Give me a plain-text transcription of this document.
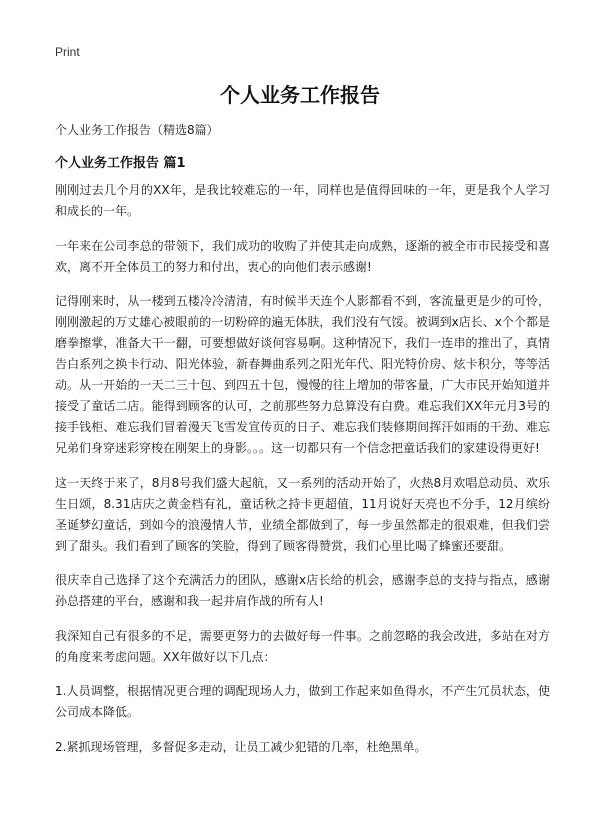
Print
个人业务工作报告
个人业务工作报告（精选8篇）
个人业务工作报告 篇1

刚刚过去几个月的XX年，是我比较难忘的一年，同样也是值得回味的一年，更是我个人学习和成长的一年。

一年来在公司李总的带领下，我们成功的收购了并使其走向成熟，逐渐的被全市市民接受和喜欢，离不开全体员工的努力和付出，衷心的向他们表示感谢!

记得刚来时，从一楼到五楼冷冷清清，有时候半天连个人影都看不到，客流量更是少的可怜，刚刚激起的万丈雄心被眼前的一切粉碎的遍无体肤，我们没有气馁。被调到x店长、x个个都是磨拳擦掌，准备大干一翻，可要想做好谈何容易啊。这种情况下，我们一连串的推出了，真情告白系列之换卡行动、阳光体验，新春舞曲系列之阳光年代、阳光特价房、炫卡积分，等等活动。从一开始的一天二三十包、到四五十包，慢慢的往上增加的带客量，广大市民开始知道并接受了童话二店。能得到顾客的认可，之前那些努力总算没有白费。难忘我们XX年元月3号的接手钱柜、难忘我们冒着漫天飞雪发宣传页的日子、难忘我们装修期间挥汗如雨的干劲、难忘兄弟们身穿迷彩穿梭在刚架上的身影。。。这一切都只有一个信念把童话我们的家建设得更好!

这一天终于来了，8月8号我们盛大起航，又一系列的活动开始了，火热8月欢唱总动员、欢乐生日颂，8.31店庆之黄金档有礼，童话秋之持卡更超值，11月说好天亮也不分手，12月缤纷圣诞梦幻童话，到如今的浪漫情人节，业绩全都做到了，每一步虽然都走的很艰难，但我们尝到了甜头。我们看到了顾客的笑脸，得到了顾客得赞赏，我们心里比喝了蜂蜜还要甜。

很庆幸自己选择了这个充满活力的团队，感谢x店长给的机会，感谢李总的支持与指点，感谢孙总搭建的平台，感谢和我一起并肩作战的所有人!

我深知自己有很多的不足，需要更努力的去做好每一件事。之前忽略的我会改进，多站在对方的角度来考虑问题。XX年做好以下几点：

1.人员调整，根据情况更合理的调配现场人力，做到工作起来如鱼得水，不产生冗员状态，使公司成本降低。

2.紧抓现场管理，多督促多走动，让员工减少犯错的几率，杜绝黑单。
